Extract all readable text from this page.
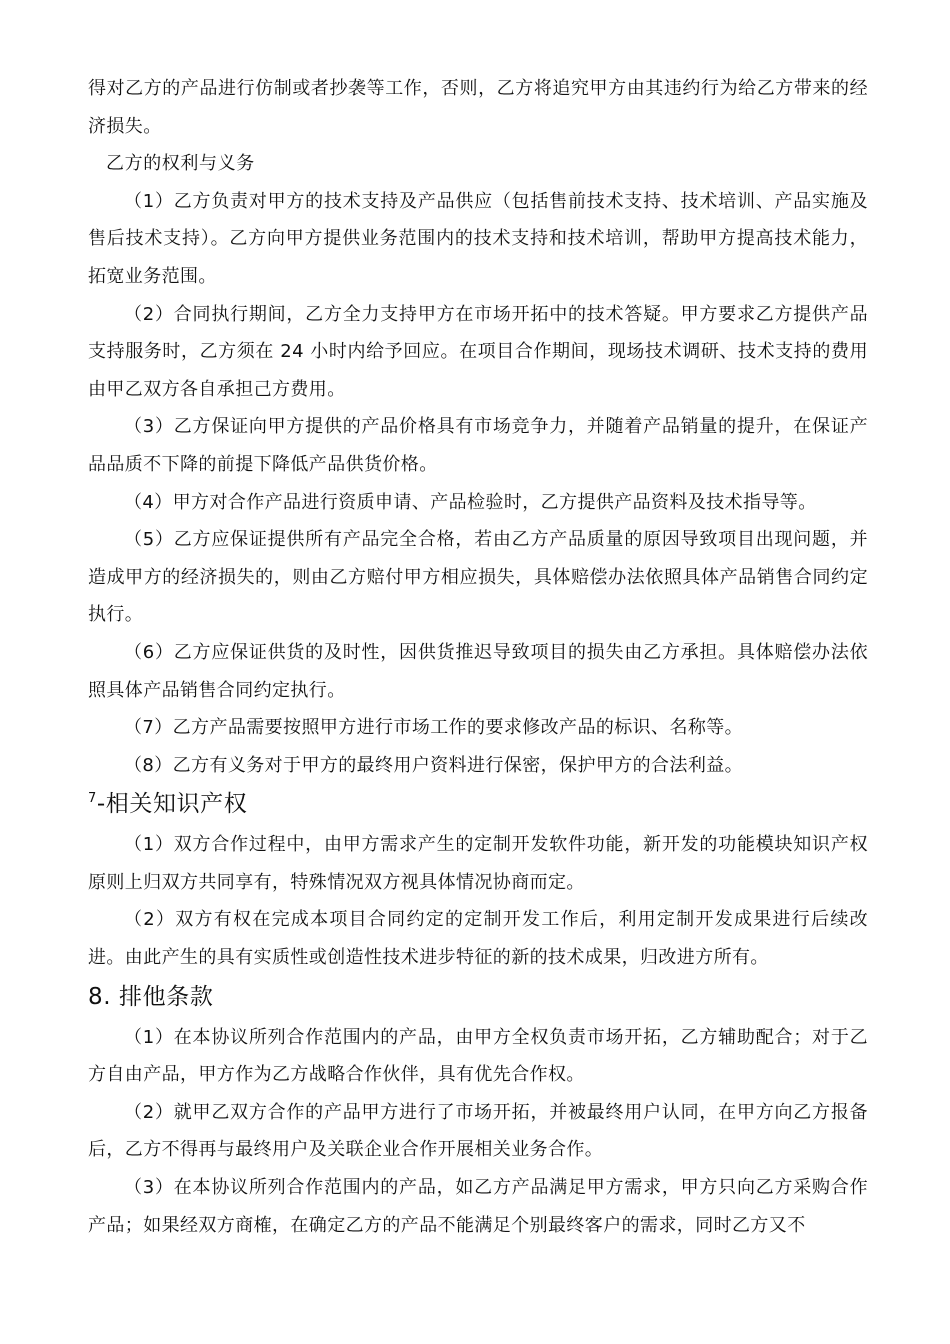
得对乙方的产品进行仿制或者抄袭等工作，否则，乙方将追究甲方由其违约行为给乙方带来的经济损失。

乙方的权利与义务

（1）乙方负责对甲方的技术支持及产品供应（包括售前技术支持、技术培训、产品实施及售后技术支持）。乙方向甲方提供业务范围内的技术支持和技术培训，帮助甲方提高技术能力，拓宽业务范围。

（2）合同执行期间，乙方全力支持甲方在市场开拓中的技术答疑。甲方要求乙方提供产品支持服务时，乙方须在 24 小时内给予回应。在项目合作期间，现场技术调研、技术支持的费用由甲乙双方各自承担己方费用。

（3）乙方保证向甲方提供的产品价格具有市场竞争力，并随着产品销量的提升，在保证产品品质不下降的前提下降低产品供货价格。

（4）甲方对合作产品进行资质申请、产品检验时，乙方提供产品资料及技术指导等。

（5）乙方应保证提供所有产品完全合格，若由乙方产品质量的原因导致项目出现问题，并造成甲方的经济损失的，则由乙方赔付甲方相应损失，具体赔偿办法依照具体产品销售合同约定执行。

（6）乙方应保证供货的及时性，因供货推迟导致项目的损失由乙方承担。具体赔偿办法依照具体产品销售合同约定执行。

（7）乙方产品需要按照甲方进行市场工作的要求修改产品的标识、名称等。

（8）乙方有义务对于甲方的最终用户资料进行保密，保护甲方的合法利益。

$^7$-相关知识产权

（1）双方合作过程中，由甲方需求产生的定制开发软件功能，新开发的功能模块知识产权原则上归双方共同享有，特殊情况双方视具体情况协商而定。

（2）双方有权在完成本项目合同约定的定制开发工作后，利用定制开发成果进行后续改进。由此产生的具有实质性或创造性技术进步特征的新的技术成果，归改进方所有。

8. 排他条款

（1）在本协议所列合作范围内的产品，由甲方全权负责市场开拓，乙方辅助配合；对于乙方自由产品，甲方作为乙方战略合作伙伴，具有优先合作权。

（2）就甲乙双方合作的产品甲方进行了市场开拓，并被最终用户认同，在甲方向乙方报备后，乙方不得再与最终用户及关联企业合作开展相关业务合作。

（3）在本协议所列合作范围内的产品，如乙方产品满足甲方需求，甲方只向乙方采购合作产品；如果经双方商榷，在确定乙方的产品不能满足个别最终客户的需求，同时乙方又不
